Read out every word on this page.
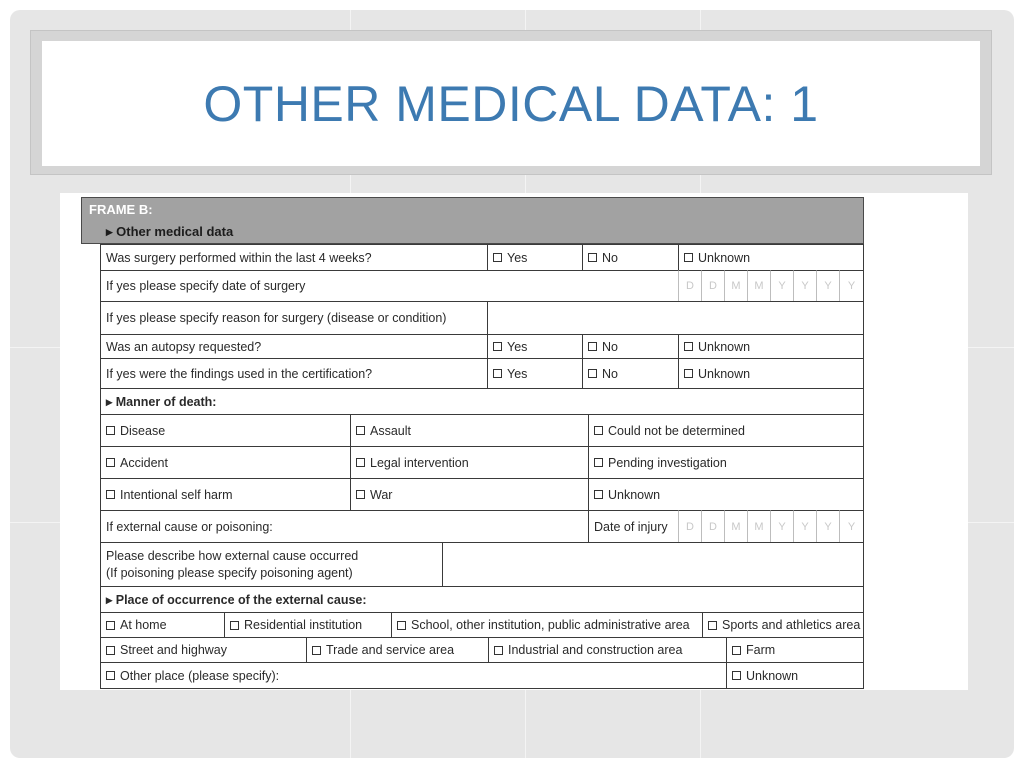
OTHER MEDICAL DATA: 1
FRAME B:
▸ Other medical data
Was surgery performed within the last 4 weeks?	Yes	No	Unknown
If yes please specify date of surgery	D	D	M	M	Y	Y	Y	Y
If yes please specify reason for surgery (disease or condition)
Was an autopsy requested?	Yes	No	Unknown
If yes were the findings used in the certification?	Yes	No	Unknown
▸ Manner of death:
Disease	Assault	Could not be determined
Accident	Legal intervention	Pending investigation
Intentional self harm	War	Unknown
If external cause or poisoning:	Date of injury	D	D	M	M	Y	Y	Y	Y
Please describe how external cause occurred
(If poisoning please specify poisoning agent)
▸ Place of occurrence of the external cause:
At home	Residential institution	School, other institution, public administrative area	Sports and athletics area
Street and highway	Trade and service area	Industrial and construction area	Farm
Other place (please specify):	Unknown
